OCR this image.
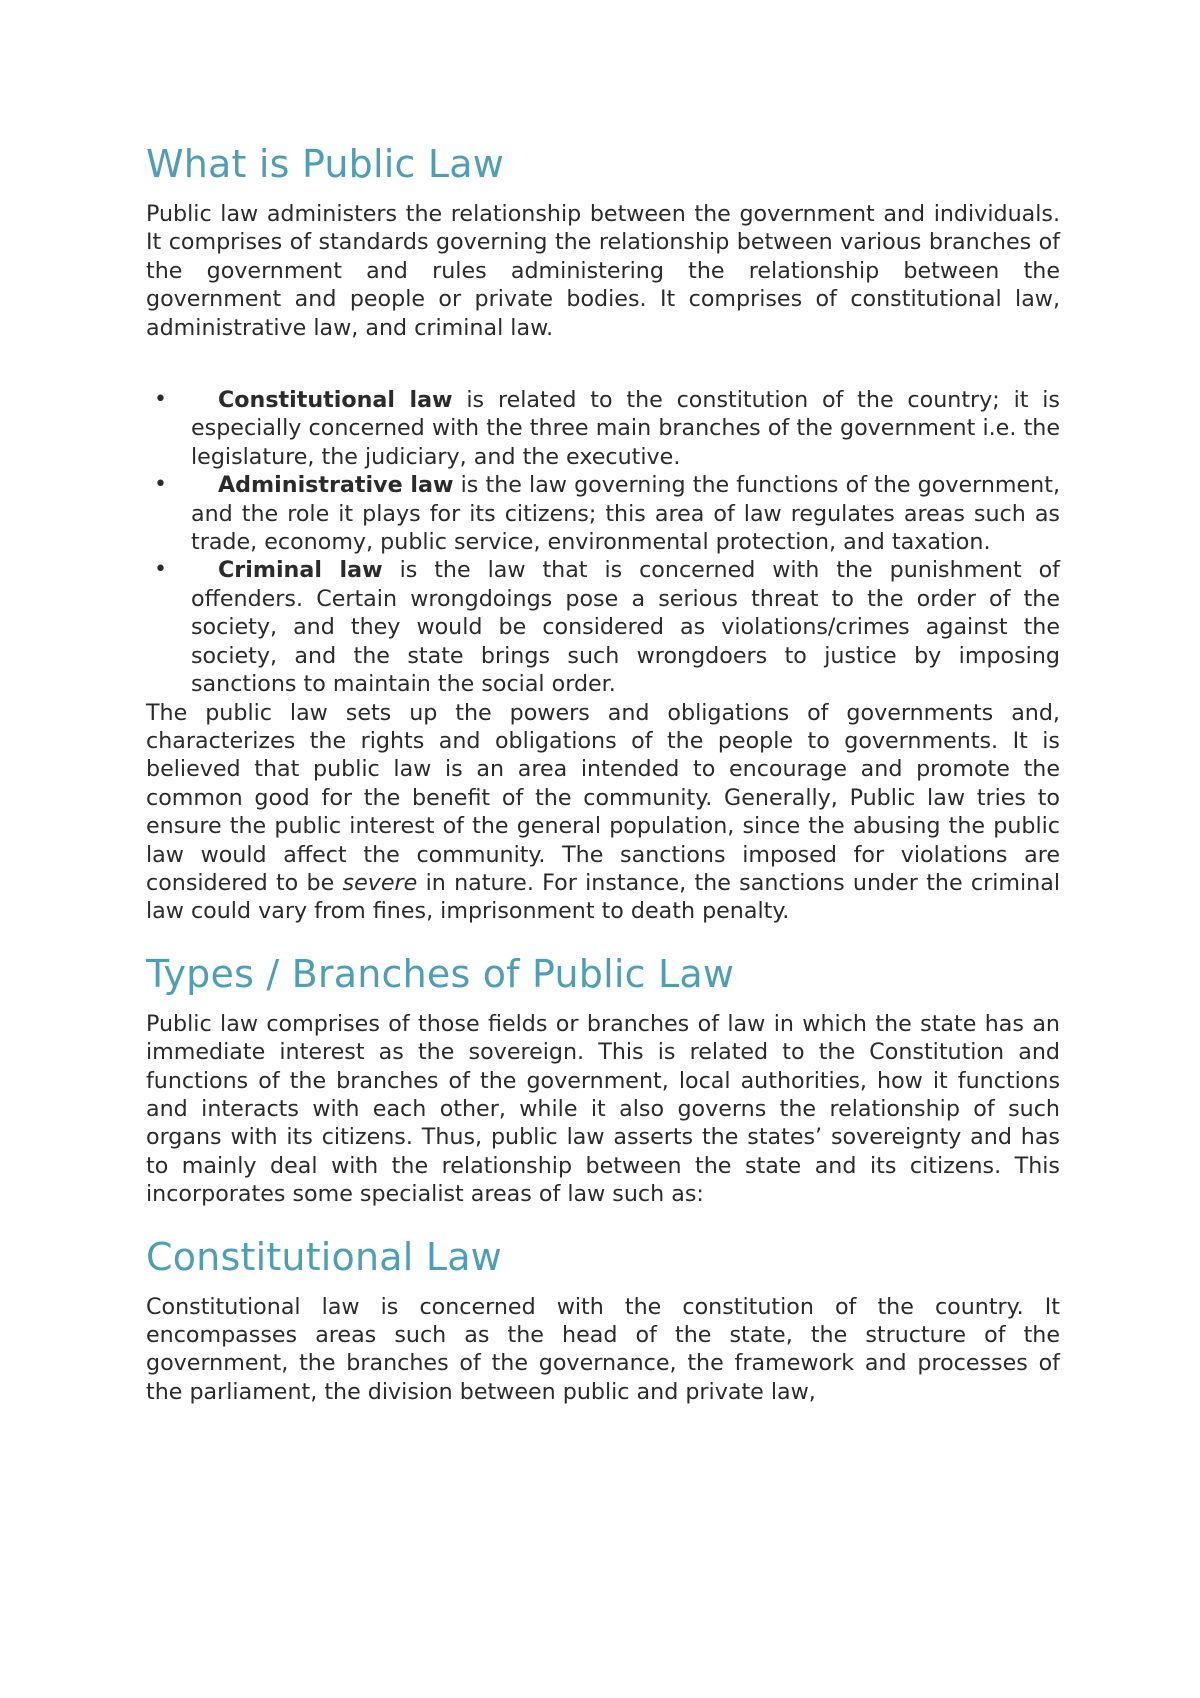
What is Public Law

Public law administers the relationship between the government and individuals. It comprises of standards governing the relationship between various branches of the government and rules administering the relationship between the government and people or private bodies. It comprises of constitutional law, administrative law, and criminal law.

• Constitutional law is related to the constitution of the country; it is especially concerned with the three main branches of the government i.e. the legislature, the judiciary, and the executive.
• Administrative law is the law governing the functions of the government, and the role it plays for its citizens; this area of law regulates areas such as trade, economy, public service, environmental protection, and taxation.
• Criminal law is the law that is concerned with the punishment of offenders. Certain wrongdoings pose a serious threat to the order of the society, and they would be considered as violations/crimes against the society, and the state brings such wrongdoers to justice by imposing sanctions to maintain the social order.

The public law sets up the powers and obligations of governments and, characterizes the rights and obligations of the people to governments. It is believed that public law is an area intended to encourage and promote the common good for the benefit of the community. Generally, Public law tries to ensure the public interest of the general population, since the abusing the public law would affect the community. The sanctions imposed for violations are considered to be severe in nature. For instance, the sanctions under the criminal law could vary from fines, imprisonment to death penalty.

Types / Branches of Public Law

Public law comprises of those fields or branches of law in which the state has an immediate interest as the sovereign. This is related to the Constitution and functions of the branches of the government, local authorities, how it functions and interacts with each other, while it also governs the relationship of such organs with its citizens. Thus, public law asserts the states’ sovereignty and has to mainly deal with the relationship between the state and its citizens. This incorporates some specialist areas of law such as:

Constitutional Law

Constitutional law is concerned with the constitution of the country. It encompasses areas such as the head of the state, the structure of the government, the branches of the governance, the framework and processes of the parliament, the division between public and private law,
